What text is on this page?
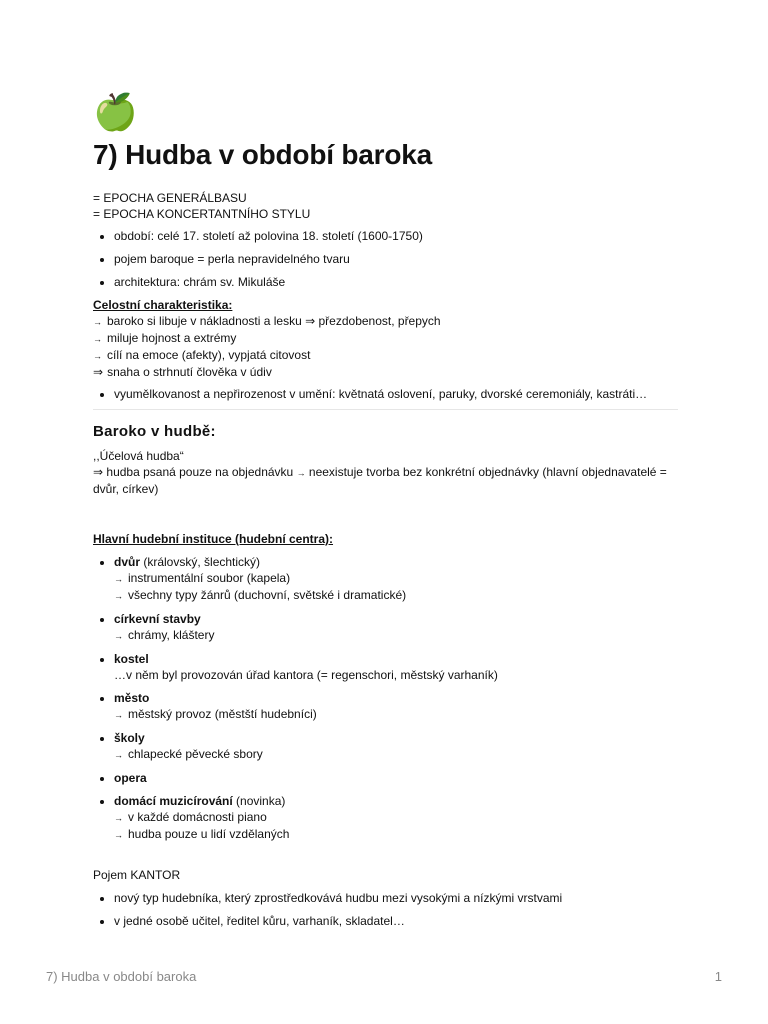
🍏
7) Hudba v období baroka
= EPOCHA GENERÁLBASU
= EPOCHA KONCERTANTNÍHO STYLU
• období: celé 17. století až polovina 18. století (1600-1750)
• pojem baroque = perla nepravidelného tvaru
• architektura: chrám sv. Mikuláše
Celostní charakteristika:
→ baroko si libuje v nákladnosti a lesku ⇒ přezdobenost, přepych
→ miluje hojnost a extrémy
→ cílí na emoce (afekty), vypjatá citovost
⇒ snaha o strhnutí člověka v údiv
• vyumělkovanost a nepřirozenost v umění: květnatá oslovení, paruky, dvorské ceremoniály, kastráti…
Baroko v hudbě:
,,Účelová hudba“
⇒ hudba psaná pouze na objednávku → neexistuje tvorba bez konkrétní objednávky (hlavní objednavatelé = dvůr, církev)
Hlavní hudební instituce (hudební centra):
• dvůr (královský, šlechtický)
→ instrumentální soubor (kapela)
→ všechny typy žánrů (duchovní, světské i dramatické)
• církevní stavby
→ chrámy, kláštery
• kostel
…v něm byl provozován úřad kantora (= regenschori, městský varhaník)
• město
→ městský provoz (městští hudebníci)
• školy
→ chlapecké pěvecké sbory
• opera
• domácí muzicírování (novinka)
→ v každé domácnosti piano
→ hudba pouze u lidí vzdělaných
Pojem KANTOR
• nový typ hudebníka, který zprostředkovává hudbu mezi vysokými a nízkými vrstvami
• v jedné osobě učitel, ředitel kůru, varhaník, skladatel…
7) Hudba v období baroka	1
